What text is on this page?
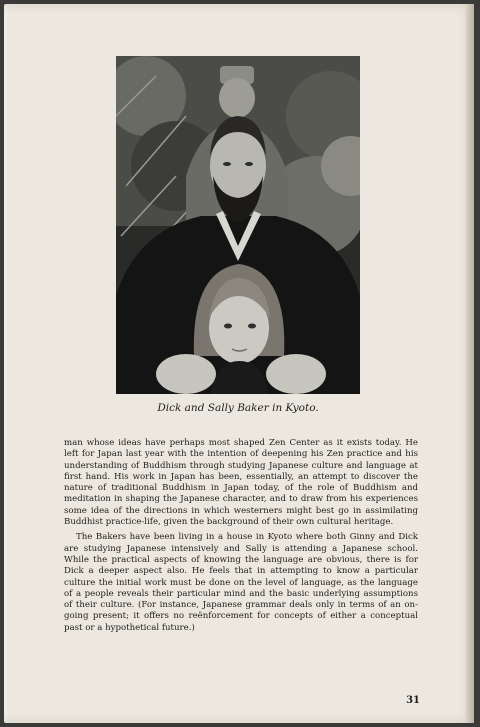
Dick and Sally Baker in Kyoto.

man whose ideas have perhaps most shaped Zen Center as it exists today. He left for Japan last year with the intention of deepening his Zen practice and his understanding of Buddhism through studying Japanese culture and language at first hand. His work in Japan has been, essentially, an attempt to discover the nature of traditional Buddhism in Japan today, of the role of Buddhism and meditation in shaping the Japanese character, and to draw from his experiences some idea of the directions in which westerners might best go in assimilating Buddhist practice-life, given the background of their own cultural heritage.

The Bakers have been living in a house in Kyoto where both Ginny and Dick are studying Japanese intensively and Sally is attending a Japanese school. While the practical aspects of knowing the language are obvious, there is for Dick a deeper aspect also. He feels that in attempting to know a particular culture the initial work must be done on the level of language, as the language of a people reveals their particular mind and the basic underlying assumptions of their culture. (For instance, Japanese grammar deals only in terms of an on-going present; it offers no reënforcement for concepts of either a conceptual past or a hypothetical future.)

31
